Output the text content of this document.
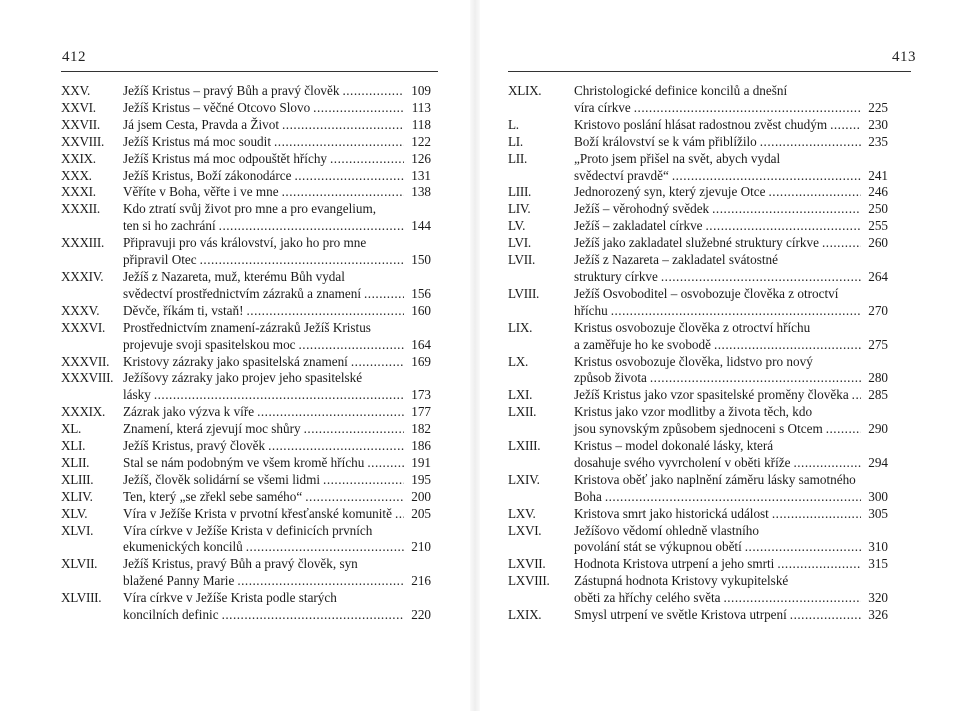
412
XXV.	Ježíš Kristus – pravý Bůh a pravý člověk . . .	109
XXVI.	Ježíš Kristus – věčné Otcovo Slovo . . .	113
XXVII.	Já jsem Cesta, Pravda a Život . . .	118
XXVIII.	Ježíš Kristus má moc soudit . . .	122
XXIX.	Ježíš Kristus má moc odpouštět hříchy . . .	126
XXX.	Ježíš Kristus, Boží zákonodárce . . .	131
XXXI.	Věříte v Boha, věřte i ve mne . . .	138
XXXII.	Kdo ztratí svůj život pro mne a pro evangelium,
ten si ho zachrání . . .	144
XXXIII.	Připravuji pro vás království, jako ho pro mne
připravil Otec . . .	150
XXXIV.	Ježíš z Nazareta, muž, kterému Bůh vydal
svědectví prostřednictvím zázraků a znamení . . .	156
XXXV.	Děvče, říkám ti, vstaň! . . .	160
XXXVI.	Prostřednictvím znamení-zázraků Ježíš Kristus
projevuje svoji spasitelskou moc . . .	164
XXXVII.	Kristovy zázraky jako spasitelská znamení . . .	169
XXXVIII. Ježíšovy zázraky jako projev jeho spasitelské
lásky . . .	173
XXXIX.	Zázrak jako výzva k víře . . .	177
XL.	Znamení, která zjevují moc shůry . . .	182
XLI.	Ježíš Kristus, pravý člověk . . .	186
XLII.	Stal se nám podobným ve všem kromě hříchu . . .	191
XLIII.	Ježíš, člověk solidární se všemi lidmi . . .	195
XLIV.	Ten, který „se zřekl sebe samého“ . . .	200
XLV.	Víra v Ježíše Krista v prvotní křesťanské komunitě . . .	205
XLVI.	Víra církve v Ježíše Krista v definicích prvních
ekumenických koncilů . . .	210
XLVII.	Ježíš Kristus, pravý Bůh a pravý člověk, syn
blažené Panny Marie . . .	216
XLVIII.	Víra církve v Ježíše Krista podle starých
koncilních definic . . .	220
413
XLIX.	Christologické definice koncilů a dnešní
víra církve . . .	225
L.	Kristovo poslání hlásat radostnou zvěst chudým . . .	230
LI.	Boží království se k vám přiblížilo . . .	235
LII.	„Proto jsem přišel na svět, abych vydal
svědectví pravdě“ . . .	241
LIII.	Jednorozený syn, který zjevuje Otce . . .	246
LIV.	Ježíš – věrohodný svědek . . .	250
LV.	Ježíš – zakladatel církve . . .	255
LVI.	Ježíš jako zakladatel služebné struktury církve . . .	260
LVII.	Ježíš z Nazareta – zakladatel svátostné
struktury církve . . .	264
LVIII.	Ježíš Osvoboditel – osvobozuje člověka z otroctví
hříchu . . .	270
LIX.	Kristus osvobozuje člověka z otroctví hříchu
a zaměřuje ho ke svobodě . . .	275
LX.	Kristus osvobozuje člověka, lidstvo pro nový
způsob života . . .	280
LXI.	Ježíš Kristus jako vzor spasitelské proměny člověka . . .	285
LXII.	Kristus jako vzor modlitby a života těch, kdo
jsou synovským způsobem sjednoceni s Otcem . . .	290
LXIII.	Kristus – model dokonalé lásky, která
dosahuje svého vyvrcholení v oběti kříže . . .	294
LXIV.	Kristova oběť jako naplnění záměru lásky samotného
Boha . . .	300
LXV.	Kristova smrt jako historická událost . . .	305
LXVI.	Ježíšovo vědomí ohledně vlastního
povolání stát se výkupnou obětí . . .	310
LXVII.	Hodnota Kristova utrpení a jeho smrti . . .	315
LXVIII.	Zástupná hodnota Kristovy vykupitelské
oběti za hříchy celého světa . . .	320
LXIX.	Smysl utrpení ve světle Kristova utrpení . . .	326
